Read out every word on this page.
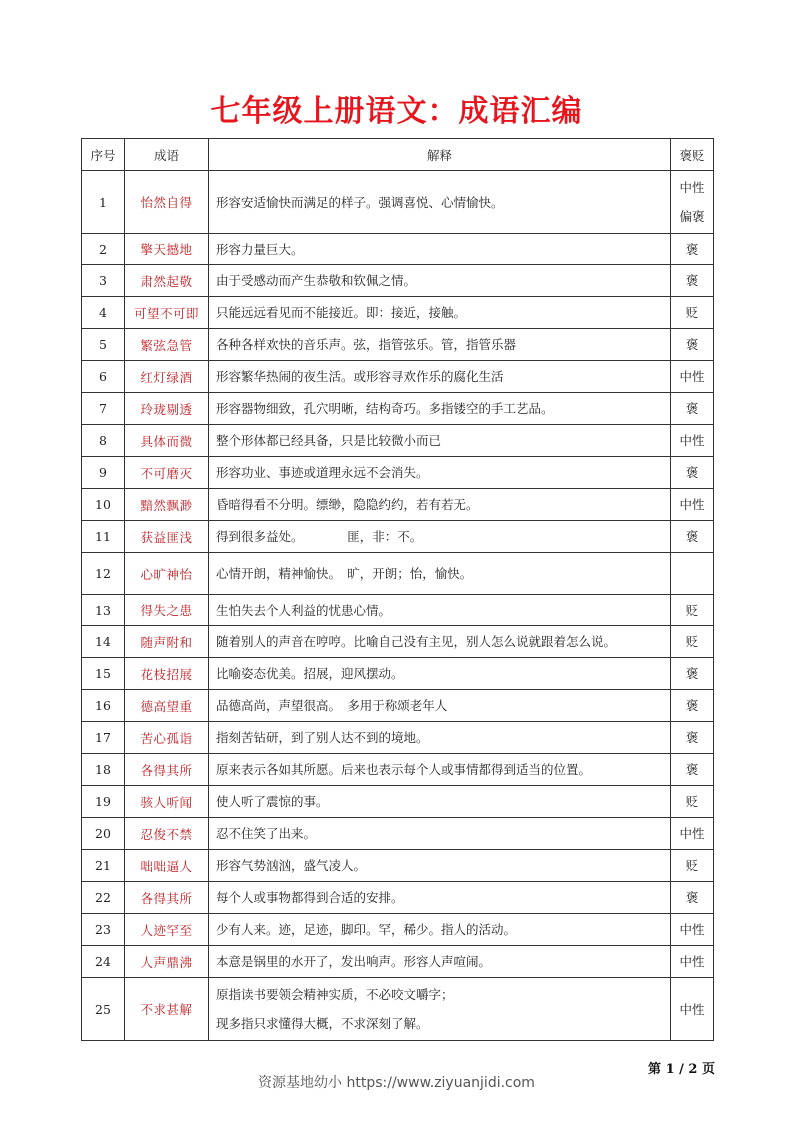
七年级上册语文：成语汇编
序号	成语	解释	褒贬
1	怡然自得	形容安适愉快而满足的样子。强调喜悦、心情愉快。	中性
偏褒

2	擎天撼地	形容力量巨大。	褒

3	肃然起敬	由于受感动而产生恭敬和钦佩之情。	褒

4	可望不可即	只能远远看见而不能接近。即：接近，接触。	贬

5	繁弦急管	各种各样欢快的音乐声。弦，指管弦乐。管，指管乐器	褒

6	红灯绿酒	形容繁华热闹的夜生活。或形容寻欢作乐的腐化生活	中性

7	玲珑剔透	形容器物细致，孔穴明晰，结构奇巧。多指镂空的手工艺品。	褒

8	具体而微	整个形体都已经具备，只是比较微小而已	中性

9	不可磨灭	形容功业、事迹或道理永远不会消失。	褒

10	黯然飘渺	昏暗得看不分明。缥缈，隐隐约约，若有若无。	中性

11	获益匪浅	得到很多益处。　　　　匪，非：不。	褒

12	心旷神怡	心情开朗，精神愉快。　旷，开朗；怡，愉快。	

13	得失之患	生怕失去个人利益的忧患心情。	贬

14	随声附和	随着别人的声音在哼哼。比喻自己没有主见，别人怎么说就跟着怎么说。	贬

15	花枝招展	比喻姿态优美。招展，迎风摆动。	褒

16	德高望重	品德高尚，声望很高。　多用于称颂老年人	褒

17	苦心孤诣	指刻苦钻研，到了别人达不到的境地。	褒

18	各得其所	原来表示各如其所愿。后来也表示每个人或事情都得到适当的位置。	褒

19	骇人听闻	使人听了震惊的事。	贬

20	忍俊不禁	忍不住笑了出来。	中性

21	咄咄逼人	形容气势汹汹，盛气凌人。	贬

22	各得其所	每个人或事物都得到合适的安排。	褒

23	人迹罕至	少有人来。迹，足迹，脚印。罕，稀少。指人的活动。	中性

24	人声鼎沸	本意是锅里的水开了，发出响声。形容人声喧闹。	中性

25	不求甚解	原指读书要领会精神实质，不必咬文嚼字；
现多指只求懂得大概，不求深刻了解。	中性
第 1 / 2 页
资源基地幼小 https://www.ziyuanjidi.com
